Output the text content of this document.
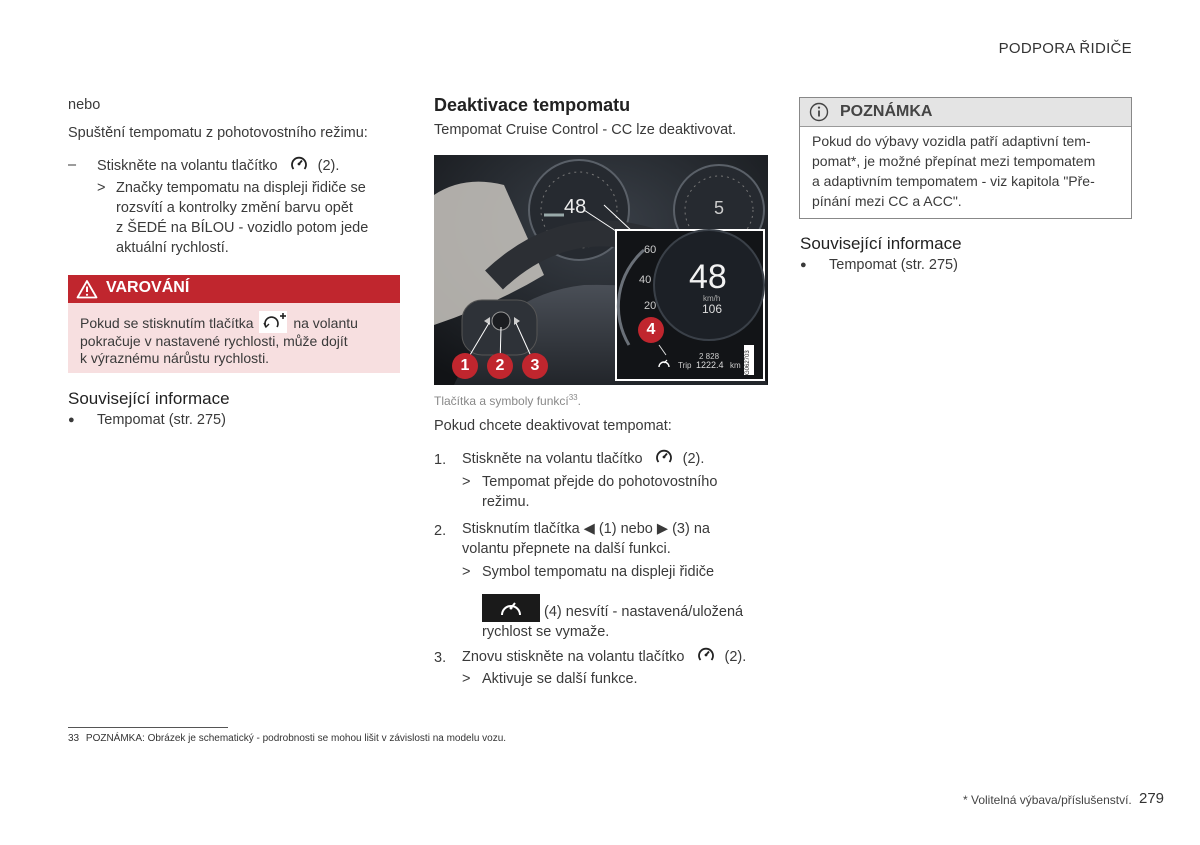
PODPORA ŘIDIČE
nebo
Spuštění tempomatu z pohotovostního režimu:
– Stiskněte na volantu tlačítko	(2).
> Značky tempomatu na displeji řidiče se
rozsvítí a kontrolky změní barvu opět
z ŠEDÉ na BÍLOU - vozidlo potom jede
aktuální rychlostí.
VAROVÁNÍ
Pokud se stisknutím tlačítka	na volantu
pokračuje v nastavené rychlosti, může dojít
k výraznému nárůstu rychlosti.
Související informace
● Tempomat (str. 275)
Deaktivace tempomatu
Tempomat Cruise Control - CC lze deaktivovat.
48	5
60
40
20
48
km/h
106
2 828
Trip 1222.4 km G062703
1	2	3
4
Tlačítka a symboly funkcí$^{33}$.
Pokud chcete deaktivovat tempomat:
1. Stiskněte na volantu tlačítko	(2).
> Tempomat přejde do pohotovostního
režimu.
2. Stisknutím tlačítka ◀ (1) nebo ▶ (3) na
volantu přepnete na další funkci.
> Symbol tempomatu na displeji řidiče
(4) nesvítí - nastavená/uložená
rychlost se vymaže.
3. Znovu stiskněte na volantu tlačítko	(2).
> Aktivuje se další funkce.
POZNÁMKA
Pokud do výbavy vozidla patří adaptivní tem-
pomat*, je možné přepínat mezi tempomatem
a adaptivním tempomatem - viz kapitola "Pře-
pínání mezi CC a ACC".
Související informace
● Tempomat (str. 275)
33 POZNÁMKA: Obrázek je schematický - podrobnosti se mohou lišit v závislosti na modelu vozu.
* Volitelná výbava/příslušenství. 279
